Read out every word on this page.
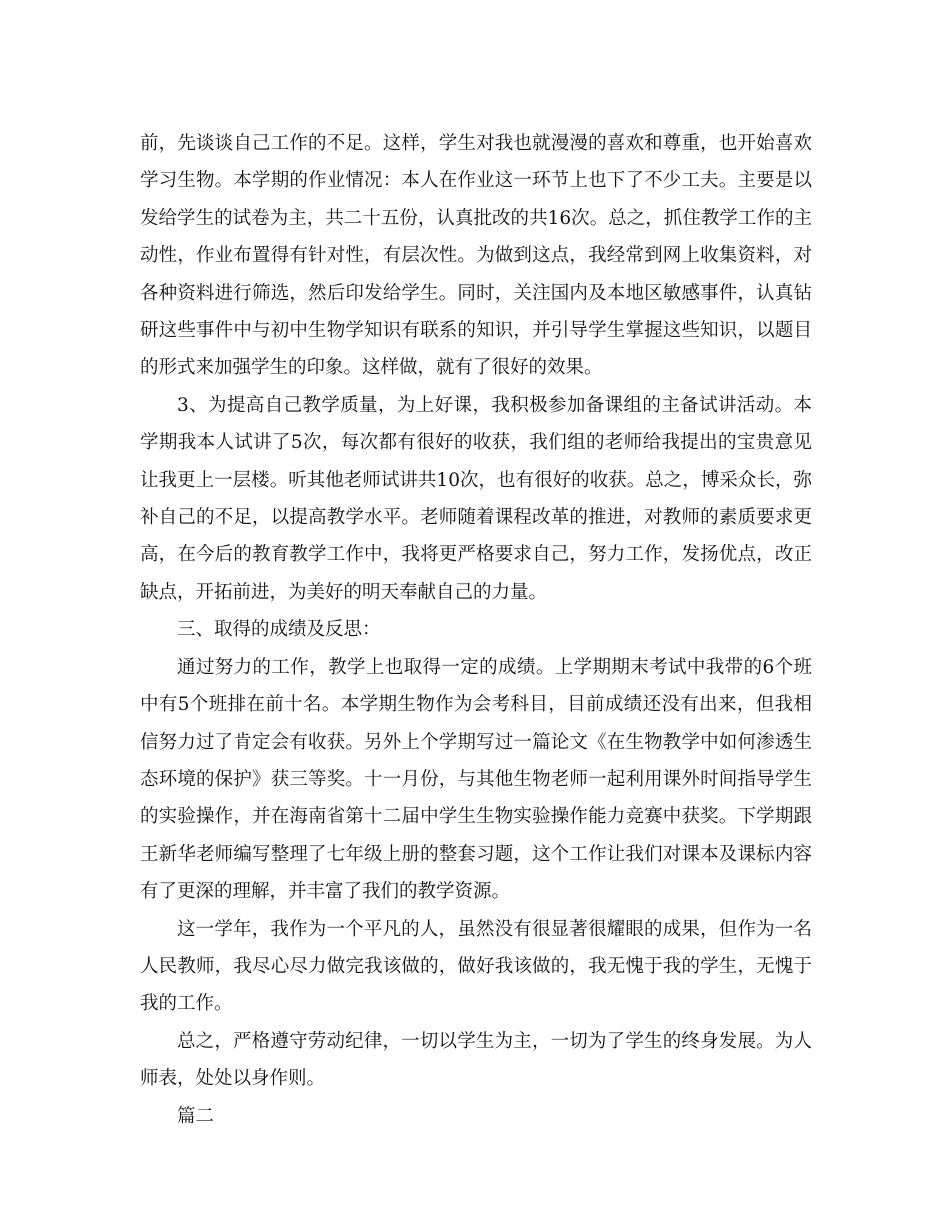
前，先谈谈自己工作的不足。这样，学生对我也就漫漫的喜欢和尊重，也开始喜欢学习生物。本学期的作业情况：本人在作业这一环节上也下了不少工夫。主要是以发给学生的试卷为主，共二十五份，认真批改的共16次。总之，抓住教学工作的主动性，作业布置得有针对性，有层次性。为做到这点，我经常到网上收集资料，对各种资料进行筛选，然后印发给学生。同时，关注国内及本地区敏感事件，认真钻研这些事件中与初中生物学知识有联系的知识，并引导学生掌握这些知识，以题目的形式来加强学生的印象。这样做，就有了很好的效果。

3、为提高自己教学质量，为上好课，我积极参加备课组的主备试讲活动。本学期我本人试讲了5次，每次都有很好的收获，我们组的老师给我提出的宝贵意见让我更上一层楼。听其他老师试讲共10次，也有很好的收获。总之，博采众长，弥补自己的不足，以提高教学水平。老师随着课程改革的推进，对教师的素质要求更高，在今后的教育教学工作中，我将更严格要求自己，努力工作，发扬优点，改正缺点，开拓前进，为美好的明天奉献自己的力量。

三、取得的成绩及反思：

通过努力的工作，教学上也取得一定的成绩。上学期期末考试中我带的6个班中有5个班排在前十名。本学期生物作为会考科目，目前成绩还没有出来，但我相信努力过了肯定会有收获。另外上个学期写过一篇论文《在生物教学中如何渗透生态环境的保护》获三等奖。十一月份，与其他生物老师一起利用课外时间指导学生的实验操作，并在海南省第十二届中学生生物实验操作能力竞赛中获奖。下学期跟王新华老师编写整理了七年级上册的整套习题，这个工作让我们对课本及课标内容有了更深的理解，并丰富了我们的教学资源。

这一学年，我作为一个平凡的人，虽然没有很显著很耀眼的成果，但作为一名人民教师，我尽心尽力做完我该做的，做好我该做的，我无愧于我的学生，无愧于我的工作。

总之，严格遵守劳动纪律，一切以学生为主，一切为了学生的终身发展。为人师表，处处以身作则。

篇二
